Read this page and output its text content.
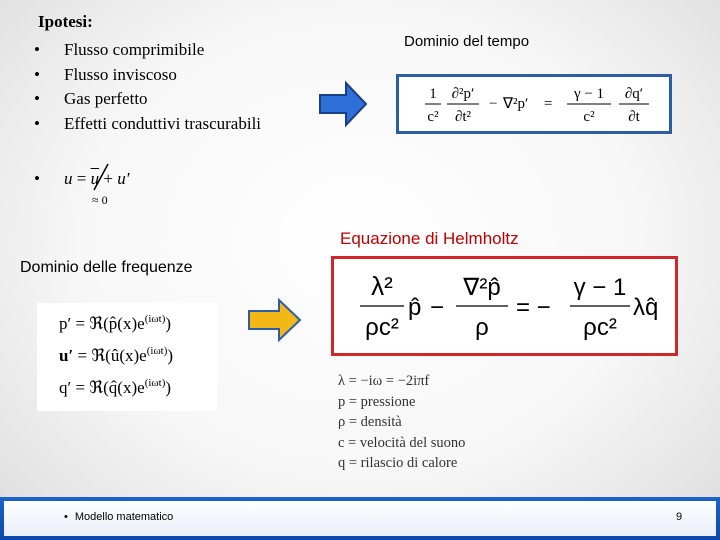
Ipotesi:
• Flusso comprimibile
• Flusso inviscoso
• Gas perfetto
• Effetti conduttivi trascurabili
• $u = \overline{u} + u'$
≈ 0
Dominio del tempo
1
c²
∂²p′
∂t²
− ∇²p′ =
γ − 1
c²
∂q′
∂t
Equazione di Helmholtz
λ²
ρc²
p̂ −
∇²p̂
ρ
= −
γ − 1
ρc²
λq̂
Dominio delle frequenze
$p' = ℜ(p̂(x)e^{(i\omega t)})$
$u' = ℜ(û(x)e^{(i\omega t)})$
$q' = ℜ(q̂(x)e^{(i\omega t)})$	λ = −iω = −2iπf
p = pressione
ρ = densità
c = velocità del suono
q = rilascio di calore
• Modello matematico	9
